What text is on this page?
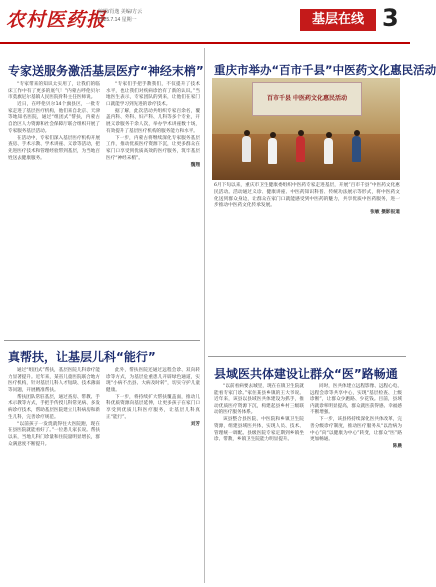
农村医药报
编辑/肖逸 美编/方云
2025.7.14 星期一	基层在线 3
专家送服务激活基层医疗“神经末梢”

“专家带来的知识太实用了，让我们的临床工作中有了更多的底气！”内蒙古呼伦贝尔市莫旗尼尔基镇人民医院骨科主任医师说。

近日，在呼伦贝尔14个旗县区，一批专家走进了基层医疗机构，他们来自北京、天津等地知名医院，通过“组团式”帮扶，内蒙古自治区人力资源和社会保障厅联合组织开展了专家服务基层活动。

在活动中，专家们深入基层医疗机构开展查房、手术示教、学术讲座、义诊等活动，把先进医疗技术和管理经验带到基层，为当地百姓送去健康服务。

“专家们手把手教我们，不仅提升了技术水平，也让我们对疾病诊治有了新的认识。”当地医生表示，专家团队的到来，让他们在家门口就能学习到先进的诊疗技术。

据了解，此次活动共组织专家百余名，覆盖内科、外科、妇产科、儿科等多个专业，开展义诊服务千余人次，举办学术讲座数十场，有效提升了基层医疗机构的服务能力和水平。

下一步，内蒙古将继续深化专家服务基层工作，推动优质医疗资源下沉，让更多群众在家门口享受到优质高效的医疗服务，筑牢基层医疗“神经末梢”。

魏翔
重庆市举办“百市千县”中医药文化惠民活动
百市千县 中医药文化惠民活动
6月下旬以来，重庆市卫生健康委组织中医药专家走进基层，开展“百市千县”中医药文化惠民活动。活动通过义诊、健康讲座、中医药知识科普、传统功法展示等形式，将中医药文化送到群众身边，让群众在家门口就能感受到中医药的魅力，共享优质中医药服务，进一步推动中医药文化传承发展。
张敏 摄影报道
真帮扶，让基层儿科“能行”

通过“组团式”帮扶，基层医院儿科诊疗能力显著提升。近年来，某省儿童医院联合地方医疗机构，针对基层儿科人才短缺、技术薄弱等问题，开展精准帮扶。

帮扶团队常驻基层，通过查房、带教、手术示教等方式，手把手传授儿科常见病、多发病诊疗技术，帮助基层医院建立儿科病房和新生儿科，完善诊疗规范。

“以前孩子一发烧就得往大医院跑，现在在县医院就能看好了。”一位患儿家长说。帮扶以来，当地儿科门诊量和住院量明显增长，群众满意度不断提升。

此外，帮扶医院还通过远程会诊、双向转诊等方式，为基层危重患儿开辟绿色通道，实现“小病不出县、大病及时转”，切实守护儿童健康。

下一步，将持续扩大帮扶覆盖面，推动儿科优质资源向基层延伸，让更多孩子在家门口享受到优质儿科医疗服务，让基层儿科真正“能行”。

刘芳
县域医共体建设让群众“医”路畅通

“以前看病要去城里，现在在镇卫生院就能看专家门诊。”家住某县乡镇的王大爷说。近年来，该县以县域医共体建设为抓手，推动优质医疗资源下沉，构建起县乡村三级联动的医疗服务体系。

该县整合县医院、中医院和乡镇卫生院资源，组建县域医共体，实现人员、技术、管理统一调配。县级医院专家定期到乡镇坐诊、带教，乡镇卫生院能力明显提升。

同时，医共体建立远程影像、远程心电、远程会诊等共享中心，实现“基层检查、上级诊断”，让群众少跑路、少花钱。目前，县域内就诊率明显提高，群众就医获得感、幸福感不断增强。

下一步，该县将持续深化医共体改革，完善分级诊疗制度，推动医疗服务从“以治病为中心”向“以健康为中心”转变，让群众“医”路更加畅通。

陈晨
